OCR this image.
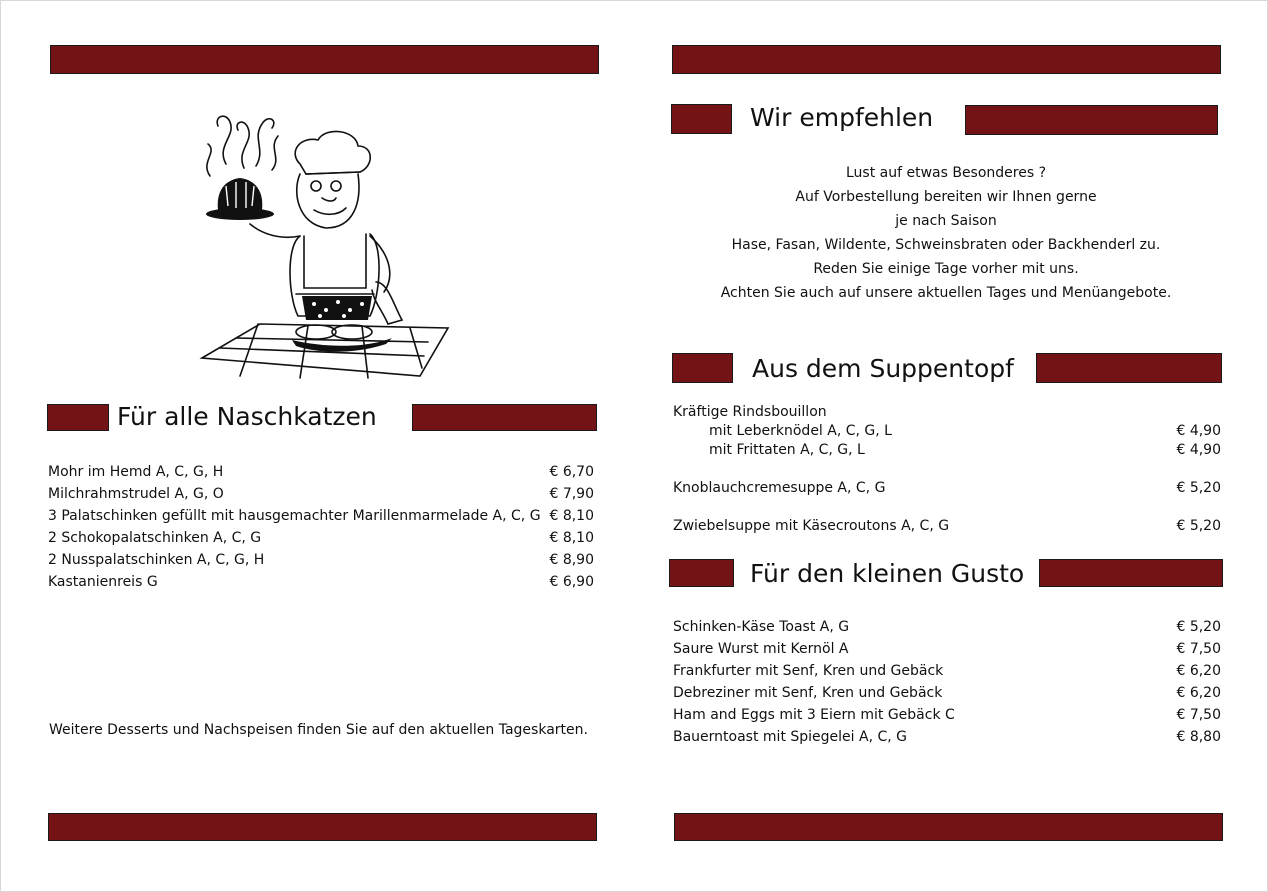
Für alle Naschkatzen
Mohr im Hemd A, C, G, H	€ 6,70
Milchrahmstrudel A, G, O	€ 7,90
3 Palatschinken gefüllt mit hausgemachter Marillenmarmelade A, C, G € 8,10
2 Schokopalatschinken A, C, G	€ 8,10
2 Nusspalatschinken A, C, G, H	€ 8,90
Kastanienreis G	€ 6,90
Weitere Desserts und Nachspeisen finden Sie auf den aktuellen Tageskarten.
Wir empfehlen
Lust auf etwas Besonderes ?
Auf Vorbestellung bereiten wir Ihnen gerne
je nach Saison
Hase, Fasan, Wildente, Schweinsbraten oder Backhenderl zu.
Reden Sie einige Tage vorher mit uns.
Achten Sie auch auf unsere aktuellen Tages und Menüangebote.
Aus dem Suppentopf
Kräftige Rindsbouillon
mit Leberknödel A, C, G, L	€ 4,90
mit Frittaten A, C, G, L	€ 4,90
Knoblauchcremesuppe A, C, G	€ 5,20
Zwiebelsuppe mit Käsecroutons A, C, G	€ 5,20
Für den kleinen Gusto
Schinken-Käse Toast A, G	€ 5,20
Saure Wurst mit Kernöl A	€ 7,50
Frankfurter mit Senf, Kren und Gebäck	€ 6,20
Debreziner mit Senf, Kren und Gebäck	€ 6,20
Ham and Eggs mit 3 Eiern mit Gebäck C	€ 7,50
Bauerntoast mit Spiegelei A, C, G	€ 8,80
